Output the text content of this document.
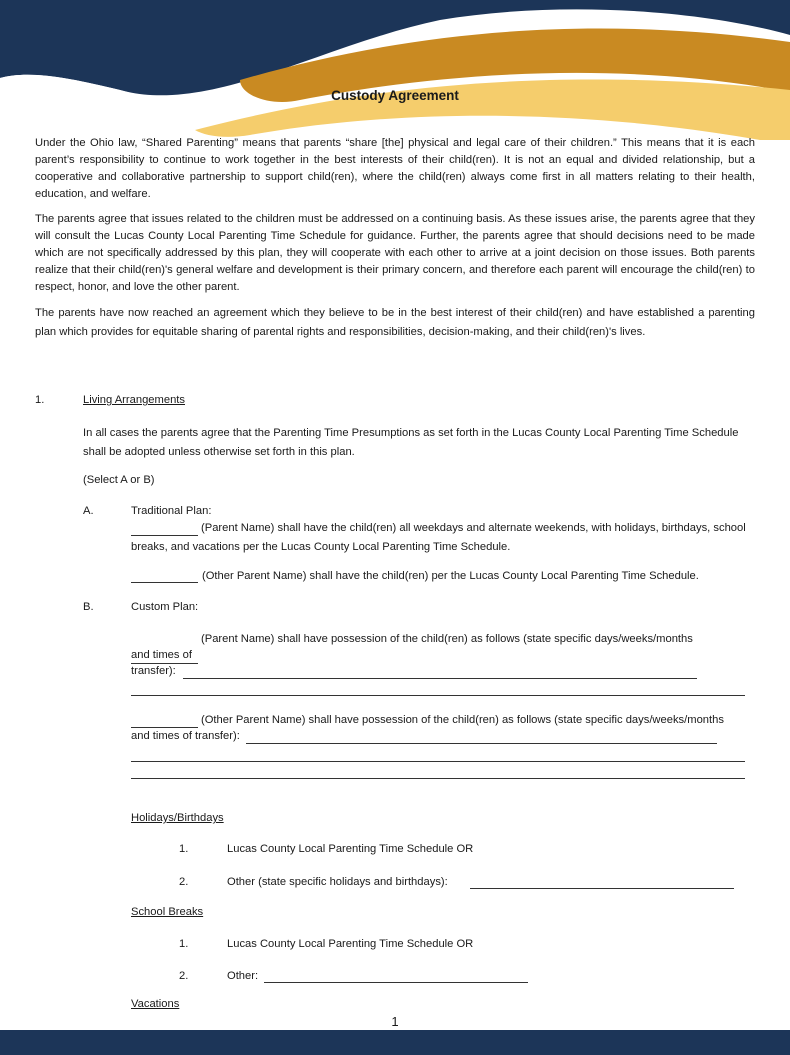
Custody Agreement

Under the Ohio law, “Shared Parenting” means that parents “share [the] physical and legal care of their children.” This means that it is each parent’s responsibility to continue to work together in the best interests of their child(ren). It is not an equal and divided relationship, but a cooperative and collaborative partnership to support child(ren), where the child(ren) always come first in all matters relating to their health, education, and welfare.

The parents agree that issues related to the children must be addressed on a continuing basis. As these issues arise, the parents agree that they will consult the Lucas County Local Parenting Time Schedule for guidance. Further, the parents agree that should decisions need to be made which are not specifically addressed by this plan, they will cooperate with each other to arrive at a joint decision on those issues. Both parents realize that their child(ren)'s general welfare and development is their primary concern, and therefore each parent will encourage the child(ren) to respect, honor, and love the other parent.

The parents have now reached an agreement which they believe to be in the best interest of their child(ren) and have established a parenting plan which provides for equitable sharing of parental rights and responsibilities, decision-making, and their child(ren)'s lives.

1.	Living Arrangements
In all cases the parents agree that the Parenting Time Presumptions as set forth in the Lucas County Local Parenting Time Schedule shall be adopted unless otherwise set forth in this plan.
(Select A or B)
A.	Traditional Plan:
(Parent Name) shall have the child(ren) all weekdays and alternate weekends, with holidays, birthdays, school breaks, and vacations per the Lucas County Local Parenting Time Schedule.
(Other Parent Name) shall have the child(ren) per the Lucas County Local Parenting Time Schedule.
B.	Custom Plan:
(Parent Name) shall have possession of the child(ren) as follows (state specific days/weeks/months
and times of
transfer):
(Other Parent Name) shall have possession of the child(ren) as follows (state specific days/weeks/months
and times of transfer):
Holidays/Birthdays
1.	Lucas County Local Parenting Time Schedule OR
2.	Other (state specific holidays and birthdays):
School Breaks
1.	Lucas County Local Parenting Time Schedule OR
2.	Other:
Vacations
1
